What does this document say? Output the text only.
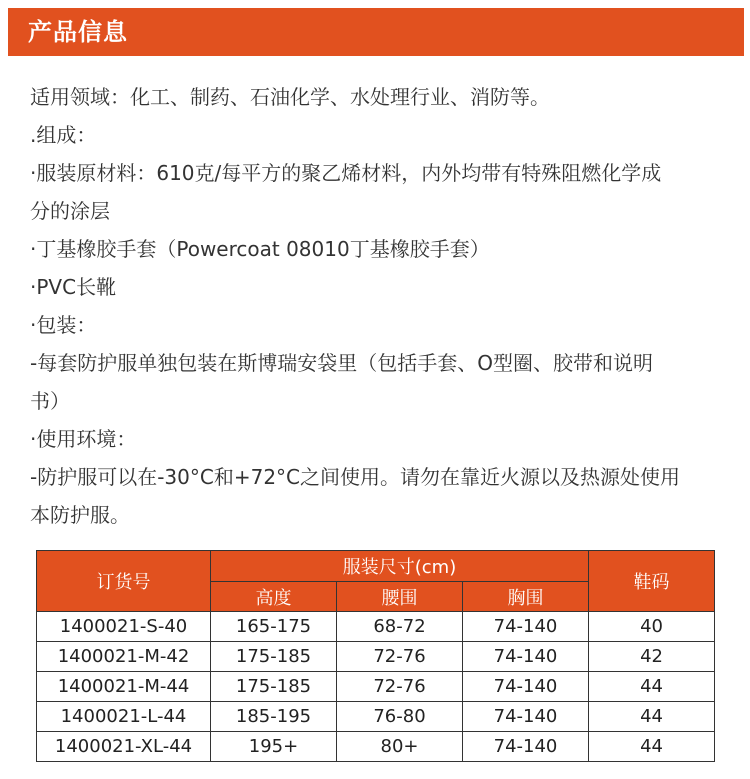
产品信息
适用领域：化工、制药、石油化学、水处理行业、消防等。
.组成：
·服装原材料：610克/每平方的聚乙烯材料，内外均带有特殊阻燃化学成
分的涂层
·丁基橡胶手套（Powercoat 08010丁基橡胶手套）
·PVC长靴
·包装：
-每套防护服单独包装在斯博瑞安袋里（包括手套、O型圈、胶带和说明
书）
·使用环境：
-防护服可以在-30°C和+72°C之间使用。请勿在靠近火源以及热源处使用
本防护服。
订货号	服装尺寸(cm)			鞋码
	高度	腰围	胸围	
1400021-S-40	165-175	68-72	74-140	40
1400021-M-42	175-185	72-76	74-140	42
1400021-M-44	175-185	72-76	74-140	44
1400021-L-44	185-195	76-80	74-140	44
1400021-XL-44	195+	80+	74-140	44
